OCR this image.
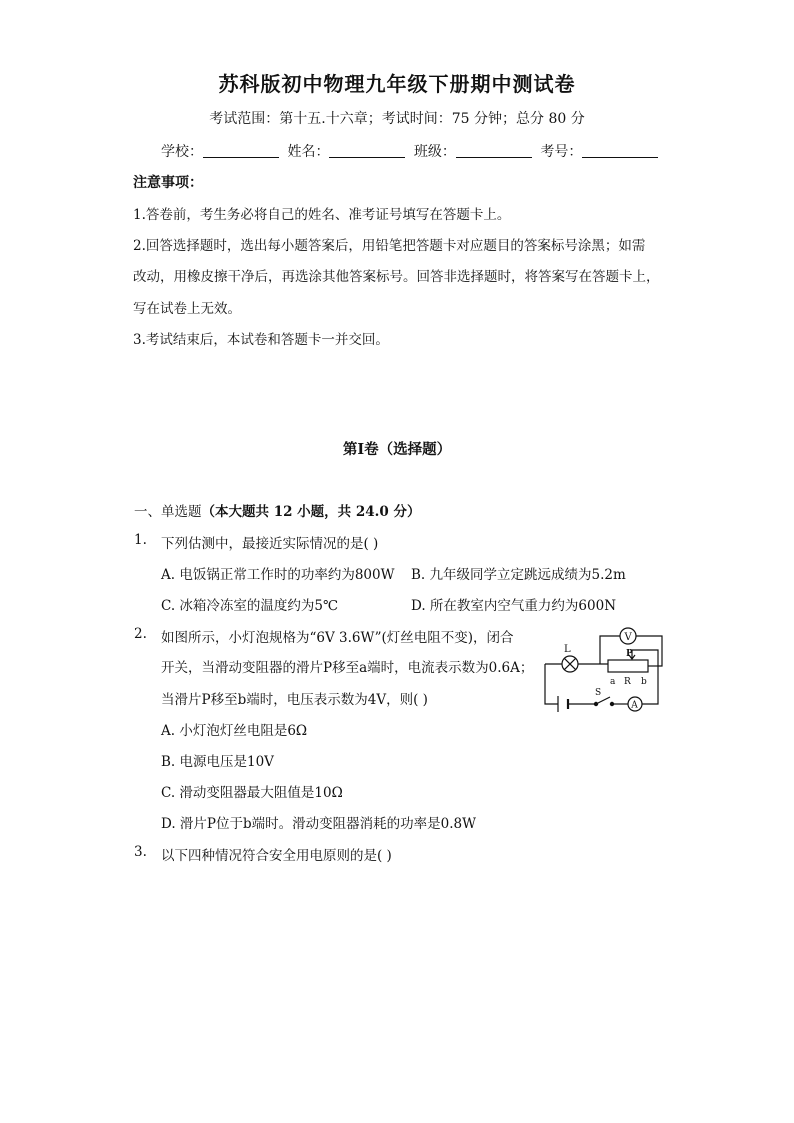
苏科版初中物理九年级下册期中测试卷
考试范围：第十五.十六章；考试时间：75 分钟；总分 80 分
学校：	姓名：	班级：	考号：
注意事项：
1.答卷前，考生务必将自己的姓名、准考证号填写在答题卡上。
2.回答选择题时，选出每小题答案后，用铅笔把答题卡对应题目的答案标号涂黑；如需
改动，用橡皮擦干净后，再选涂其他答案标号。回答非选择题时，将答案写在答题卡上，
写在试卷上无效。
3.考试结束后，本试卷和答题卡一并交回。
第Ⅰ卷（选择题）
一、单选题（本大题共 12 小题，共 24.0 分）
1. 下列估测中，最接近实际情况的是( )
A. 电饭锅正常工作时的功率约为800W B. 九年级同学立定跳远成绩为5.2m
C. 冰箱冷冻室的温度约为5℃	D. 所在教室内空气重力约为600N
2. 如图所示，小灯泡规格为“6V 3.6W”(灯丝电阻不变)，闭合
开关，当滑动变阻器的滑片P移至a端时，电流表示数为0.6A；
当滑片P移至b端时，电压表示数为4V，则( )
A. 小灯泡灯丝电阻是6Ω
B. 电源电压是10V
C. 滑动变阻器最大阻值是10Ω
D. 滑片P位于b端时。滑动变阻器消耗的功率是0.8W
V
L	P
a R b
S
A
3. 以下四种情况符合安全用电原则的是( )
